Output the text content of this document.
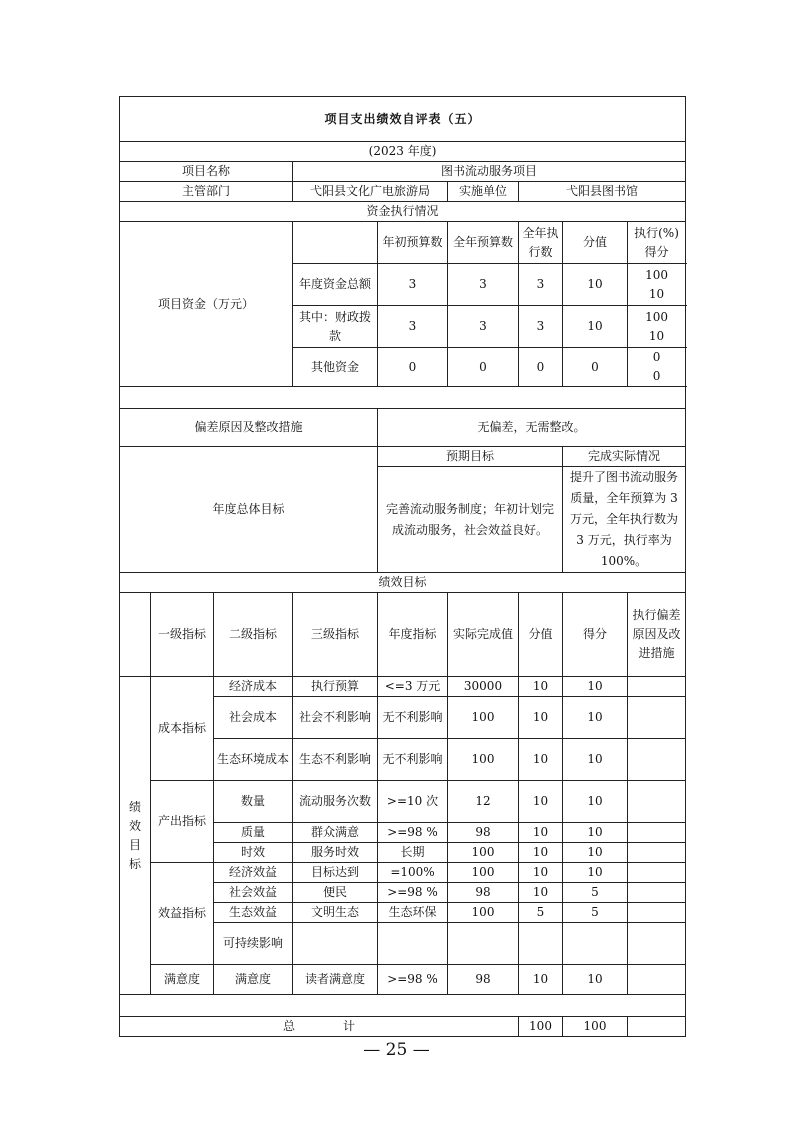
项目支出绩效自评表（五）								
(2023 年度)								
项目名称			图书流动服务项目					
主管部门			弋阳县文化广电旅游局		实施单位	弋阳县图书馆		
资金执行情况								
项目资金（万元）				年初预算数	全年预算数	全年执行数	分值	执行(%)　　得分
			年度资金总额	3	3	3	10	100　　　　10
			其中：财政拨款	3	3	3	10	100　　　　10
			其他资金	0	0	0	0	0　　　　0

偏差原因及整改措施				无偏差，无需整改。				
年度总体目标				预期目标			完成实际情况	
				完善流动服务制度；年初计划完成流动服务，社会效益良好。			提升了图书流动服务质量，全年预算为 3 万元，全年执行数为 3 万元，执行率为 100%。	
绩效目标								
	一级指标	二级指标	三级指标	年度指标	实际完成值	分值	得分	执行偏差原因及改进措施
绩效目标	成本指标	经济成本	执行预算	<=3 万元	30000	10	10	
		社会成本	社会不利影响	无不利影响	100	10	10	
		生态环境成本	生态不利影响	无不利影响	100	10	10	
	产出指标	数量	流动服务次数	>=10 次	12	10	10	
		质量	群众满意	>=98 %	98	10	10	
		时效	服务时效	长期	100	10	10	
	效益指标	经济效益	目标达到	=100%	100	10	10	
		社会效益	便民	>=98 %	98	10	5	
		生态效益	文明生态	生态环保	100	5	5	
		可持续影响						
	满意度	满意度	读者满意度	>=98 %	98	10	10	

总　　　　计						100	100	
— 25 —
